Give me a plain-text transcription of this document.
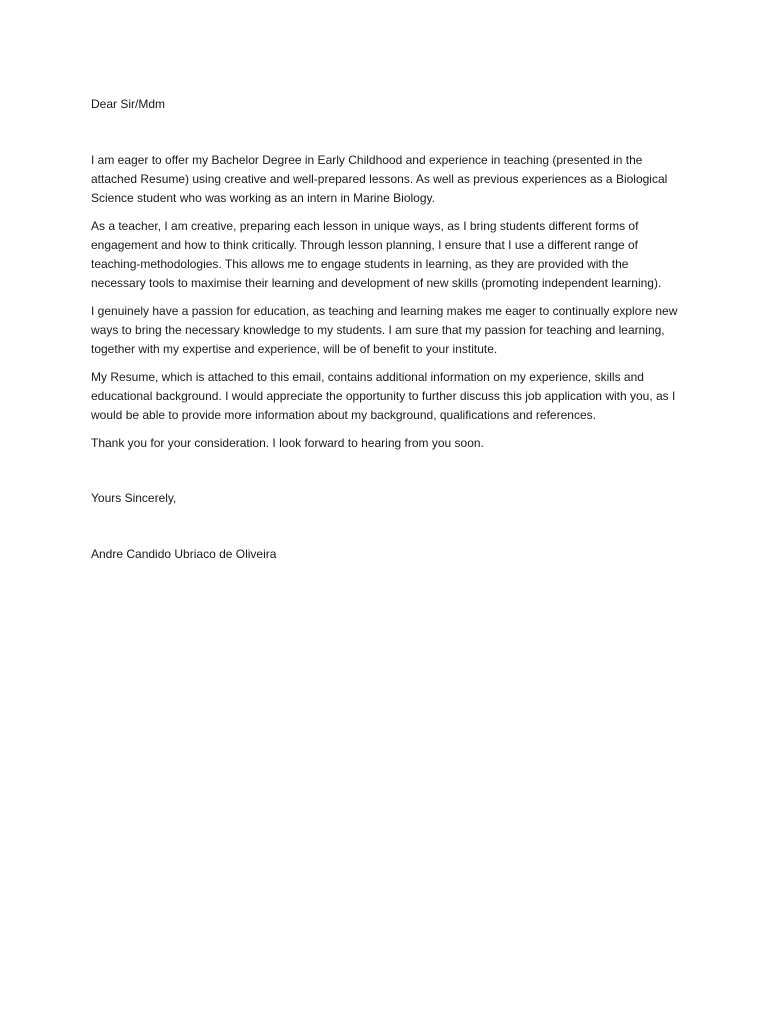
Dear Sir/Mdm

I am eager to offer my Bachelor Degree in Early Childhood and experience in teaching (presented in the attached Resume) using creative and well-prepared lessons. As well as previous experiences as a Biological Science student who was working as an intern in Marine Biology.

As a teacher, I am creative, preparing each lesson in unique ways, as I bring students different forms of engagement and how to think critically. Through lesson planning, I ensure that I use a different range of teaching-methodologies. This allows me to engage students in learning, as they are provided with the necessary tools to maximise their learning and development of new skills (promoting independent learning).

I genuinely have a passion for education, as teaching and learning makes me eager to continually explore new ways to bring the necessary knowledge to my students. I am sure that my passion for teaching and learning, together with my expertise and experience, will be of benefit to your institute.

My Resume, which is attached to this email, contains additional information on my experience, skills and educational background. I would appreciate the opportunity to further discuss this job application with you, as I would be able to provide more information about my background, qualifications and references.

Thank you for your consideration. I look forward to hearing from you soon.

Yours Sincerely,

Andre Candido Ubriaco de Oliveira
